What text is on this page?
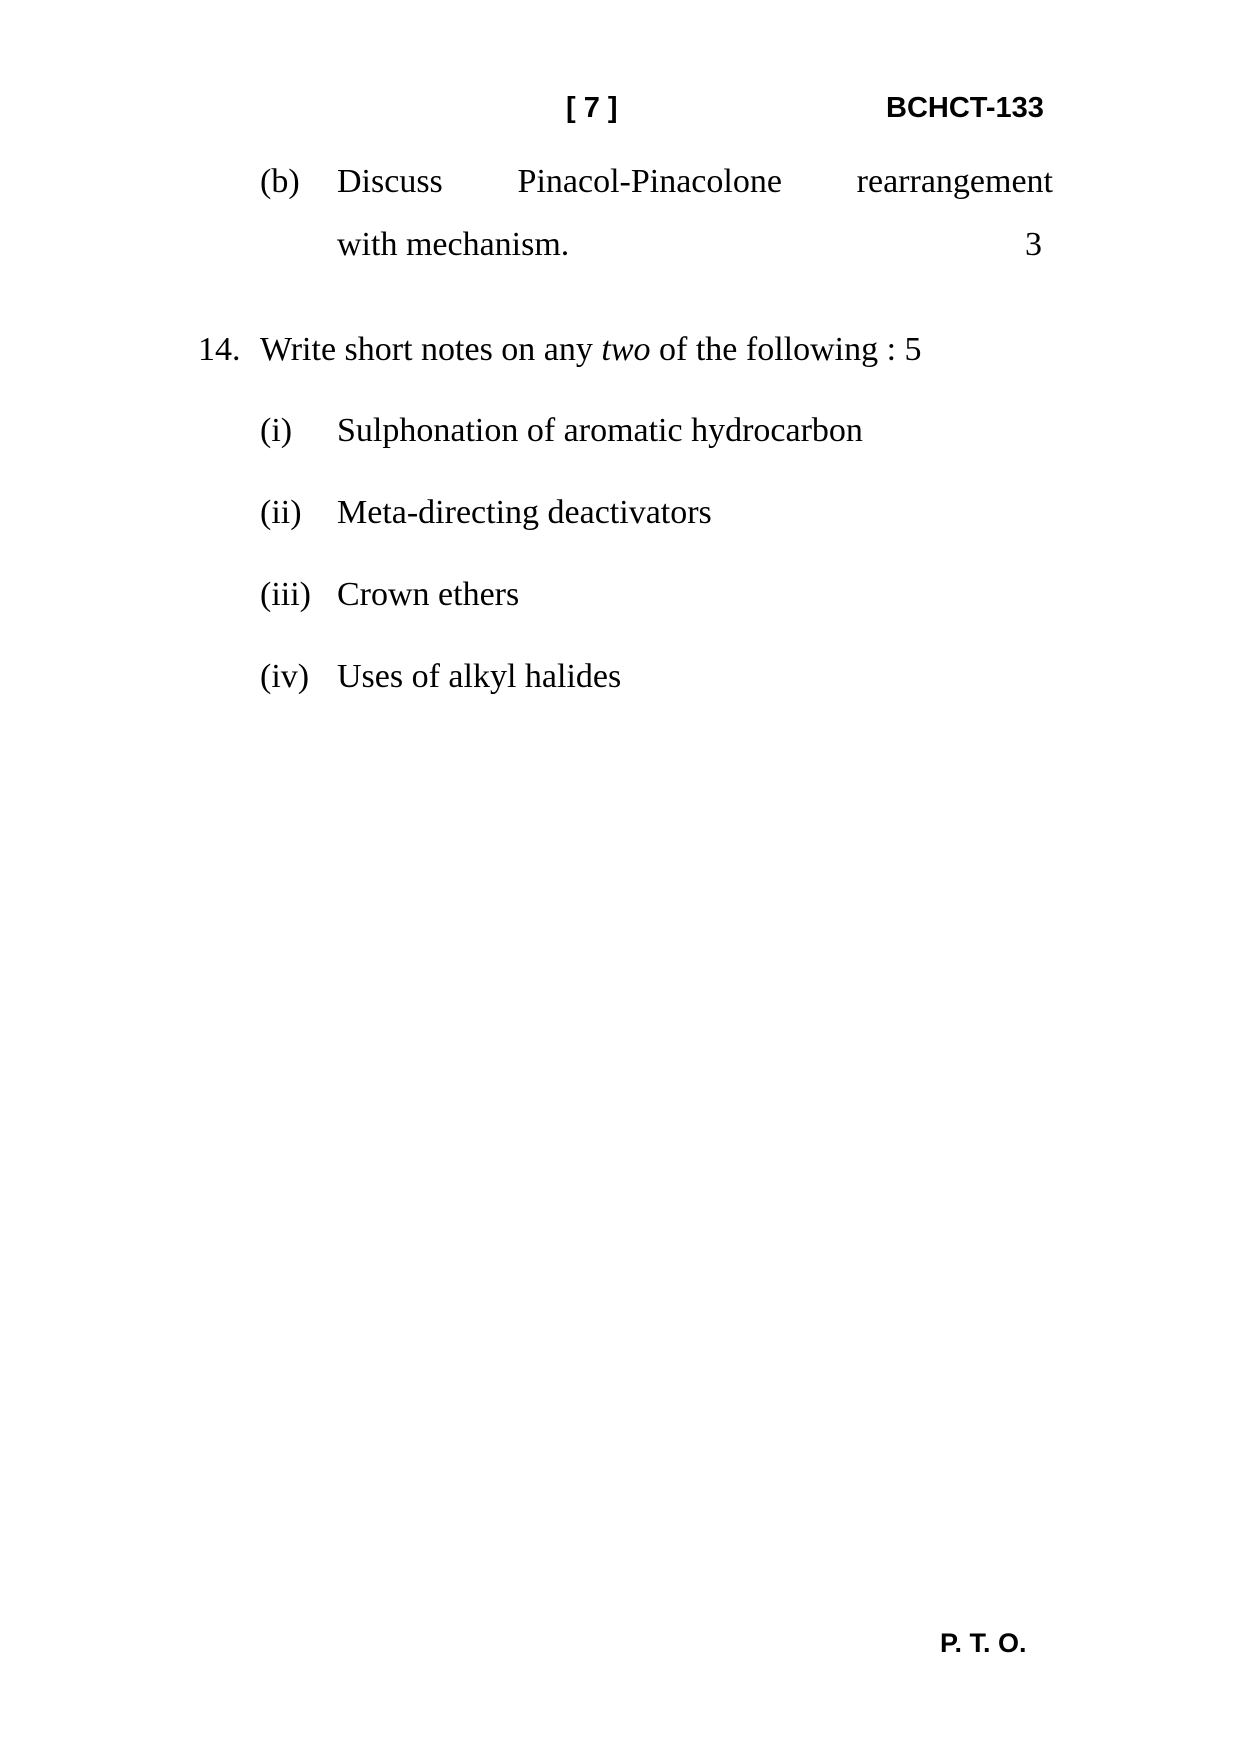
[ 7 ]	BCHCT-133
(b) Discuss Pinacol-Pinacolone rearrangement
with mechanism.	3
14. Write short notes on any two of the following : 5
(i) Sulphonation of aromatic hydrocarbon
(ii) Meta-directing deactivators
(iii) Crown ethers
(iv) Uses of alkyl halides
P. T. O.
